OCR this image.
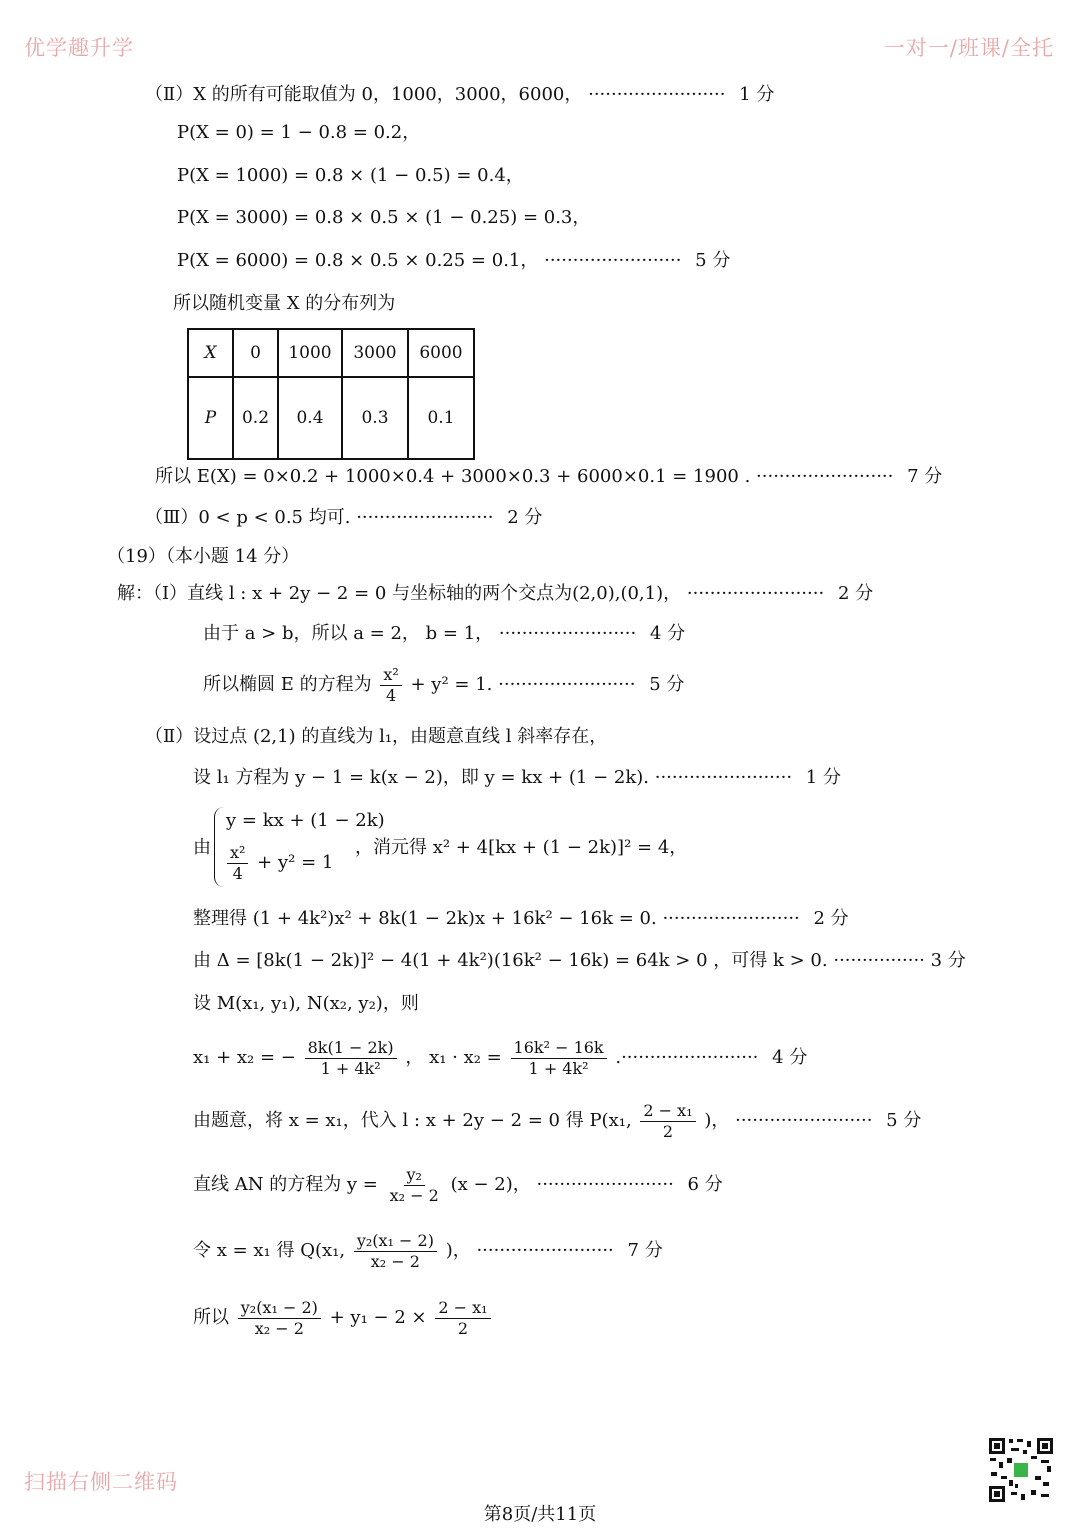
优学趣升学	一对一/班课/全托
扫描右侧二维码
（Ⅱ）X 的所有可能取值为 0，1000，3000，6000， ························ 1 分
P(X = 0) = 1 − 0.8 = 0.2，
P(X = 1000) = 0.8 × (1 − 0.5) = 0.4，
P(X = 3000) = 0.8 × 0.5 × (1 − 0.25) = 0.3，
P(X = 6000) = 0.8 × 0.5 × 0.25 = 0.1， ························ 5 分
所以随机变量 X 的分布列为
X	0	1000	3000	6000
P	0.2	0.4	0.3	0.1
所以 E(X) = 0×0.2 + 1000×0.4 + 3000×0.3 + 6000×0.1 = 1900 . ························ 7 分
（Ⅲ）0 < p < 0.5 均可. ························ 2 分
（19）（本小题 14 分）
解：（Ⅰ）直线 l : x + 2y − 2 = 0 与坐标轴的两个交点为(2,0),(0,1)， ························ 2 分
由于 a > b，所以 a = 2， b = 1， ························ 4 分
所以椭圆 E 的方程为 $\frac{\text{x²}}{4} + y^2 = 1$. ························ 5 分
（Ⅱ）设过点 (2,1) 的直线为 l₁，由题意直线 l 斜率存在，
设 l₁ 方程为 y − 1 = k(x − 2)，即 y = kx + (1 − 2k). ························ 1 分
由
y = kx + (1 − 2k)
$\frac{\text{x²}}{4} + y^2 = 1$
，消元得 x² + 4[kx + (1 − 2k)]² = 4，
整理得 (1 + 4k²)x² + 8k(1 − 2k)x + 16k² − 16k = 0. ························ 2 分
由 Δ = [8k(1 − 2k)]² − 4(1 + 4k²)(16k² − 16k) = 64k > 0 ，可得 k > 0. ················ 3 分
设 M(x₁, y₁), N(x₂, y₂)，则
x₁ + x₂ = − $\frac{8k(1 - 2k)}{\text{1 + 4k²}}$ ， $x_1 \cdot x_2 = \frac{\text{16k² − 16k}}{\text{1 + 4k²}}$ .························ 4 分
由题意，将 x = x₁，代入 l : x + 2y − 2 = 0 得 P(x₁, $\frac{\text{2 − x₁}}{2}$ )， ························ 5 分
直线 AN 的方程为 $y = \frac{\text{y₂}}{\text{x₂ − 2}} (x - 2)$， ························ 6 分
令 x = x₁ 得 Q(x₁, $\frac{\text{y₂(x₁ − 2)}}{\text{x₂ − 2}}$ )， ························ 7 分
所以 $\frac{\text{y₂(x₁ − 2)}}{\text{x₂ − 2}} + y_1 - 2 \times \frac{\text{2 − x₁}}{2}$
第8页/共11页
